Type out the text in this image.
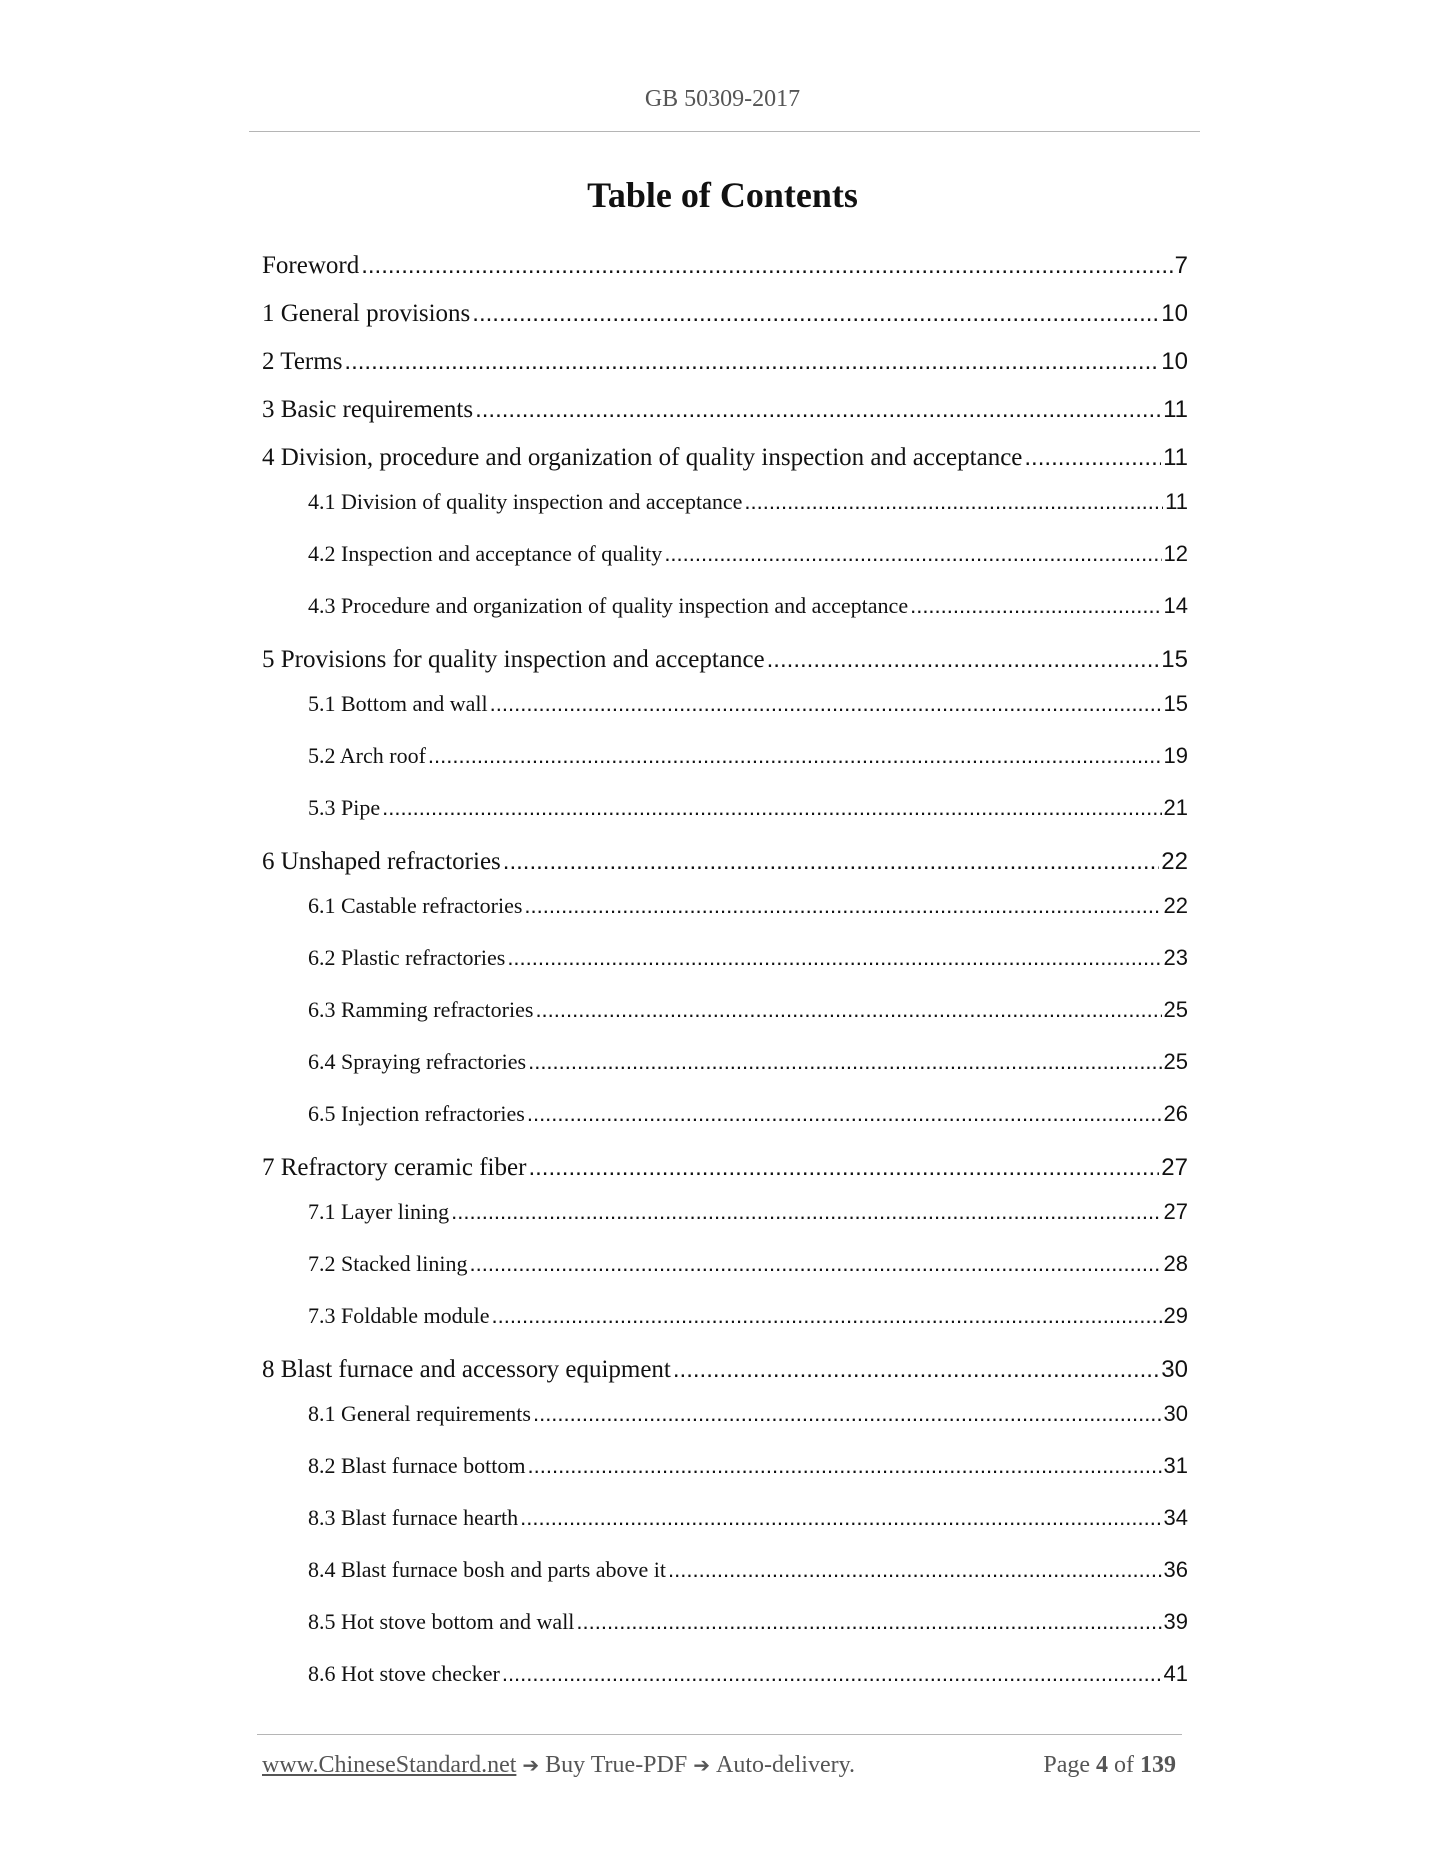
GB 50309-2017
Table of Contents
Foreword .....	7
1 General provisions .....	10
2 Terms .....	10
3 Basic requirements .....	11
4 Division, procedure and organization of quality inspection and acceptance .....	11
4.1 Division of quality inspection and acceptance .....	11
4.2 Inspection and acceptance of quality .....	12
4.3 Procedure and organization of quality inspection and acceptance .....	14
5 Provisions for quality inspection and acceptance .....	15
5.1 Bottom and wall .....	15
5.2 Arch roof .....	19
5.3 Pipe .....	21
6 Unshaped refractories .....	22
6.1 Castable refractories .....	22
6.2 Plastic refractories .....	23
6.3 Ramming refractories .....	25
6.4 Spraying refractories .....	25
6.5 Injection refractories .....	26
7 Refractory ceramic fiber .....	27
7.1 Layer lining .....	27
7.2 Stacked lining .....	28
7.3 Foldable module .....	29
8 Blast furnace and accessory equipment .....	30
8.1 General requirements .....	30
8.2 Blast furnace bottom .....	31
8.3 Blast furnace hearth .....	34
8.4 Blast furnace bosh and parts above it .....	36
8.5 Hot stove bottom and wall .....	39
8.6 Hot stove checker .....	41
www.ChineseStandard.net ➔ Buy True-PDF ➔ Auto-delivery.	Page 4 of 139
